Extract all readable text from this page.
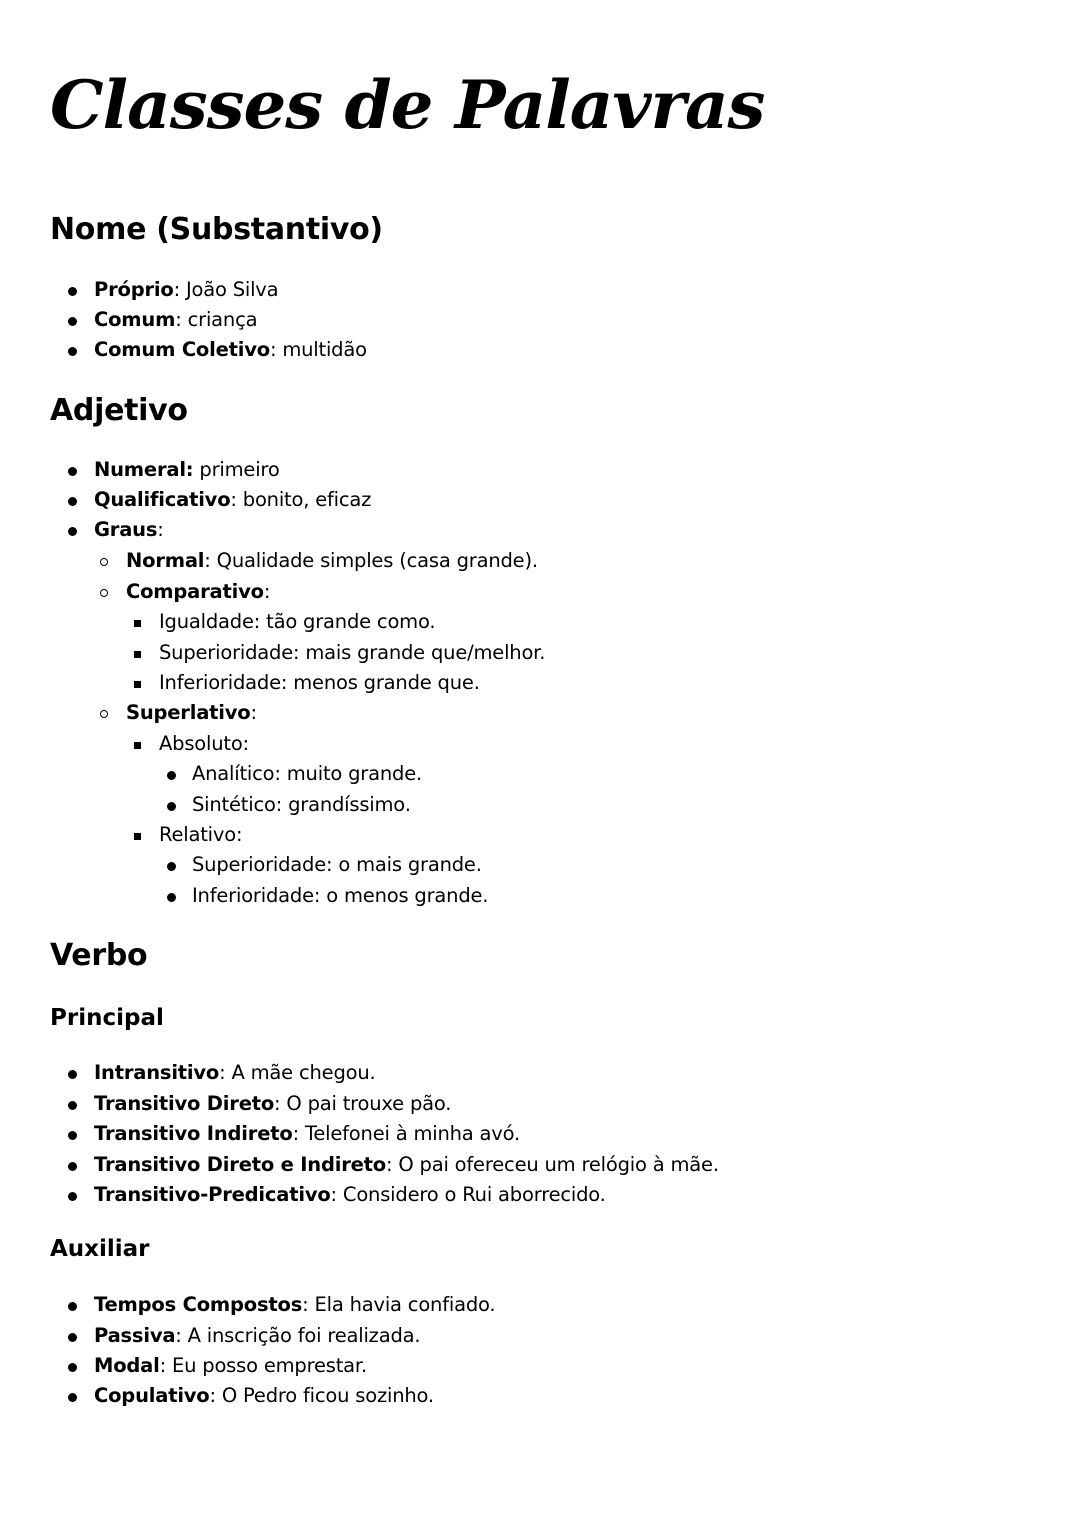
Classes de Palavras
Nome (Substantivo)
Próprio: João Silva
Comum: criança
Comum Coletivo: multidão
Adjetivo
Numeral: primeiro
Qualificativo: bonito, eficaz
Graus:
Normal: Qualidade simples (casa grande).
Comparativo:
Igualdade: tão grande como.
Superioridade: mais grande que/melhor.
Inferioridade: menos grande que.
Superlativo:
Absoluto:
Analítico: muito grande.
Sintético: grandíssimo.
Relativo:
Superioridade: o mais grande.
Inferioridade: o menos grande.
Verbo
Principal
Intransitivo: A mãe chegou.
Transitivo Direto: O pai trouxe pão.
Transitivo Indireto: Telefonei à minha avó.
Transitivo Direto e Indireto: O pai ofereceu um relógio à mãe.
Transitivo-Predicativo: Considero o Rui aborrecido.
Auxiliar
Tempos Compostos: Ela havia confiado.
Passiva: A inscrição foi realizada.
Modal: Eu posso emprestar.
Copulativo: O Pedro ficou sozinho.
